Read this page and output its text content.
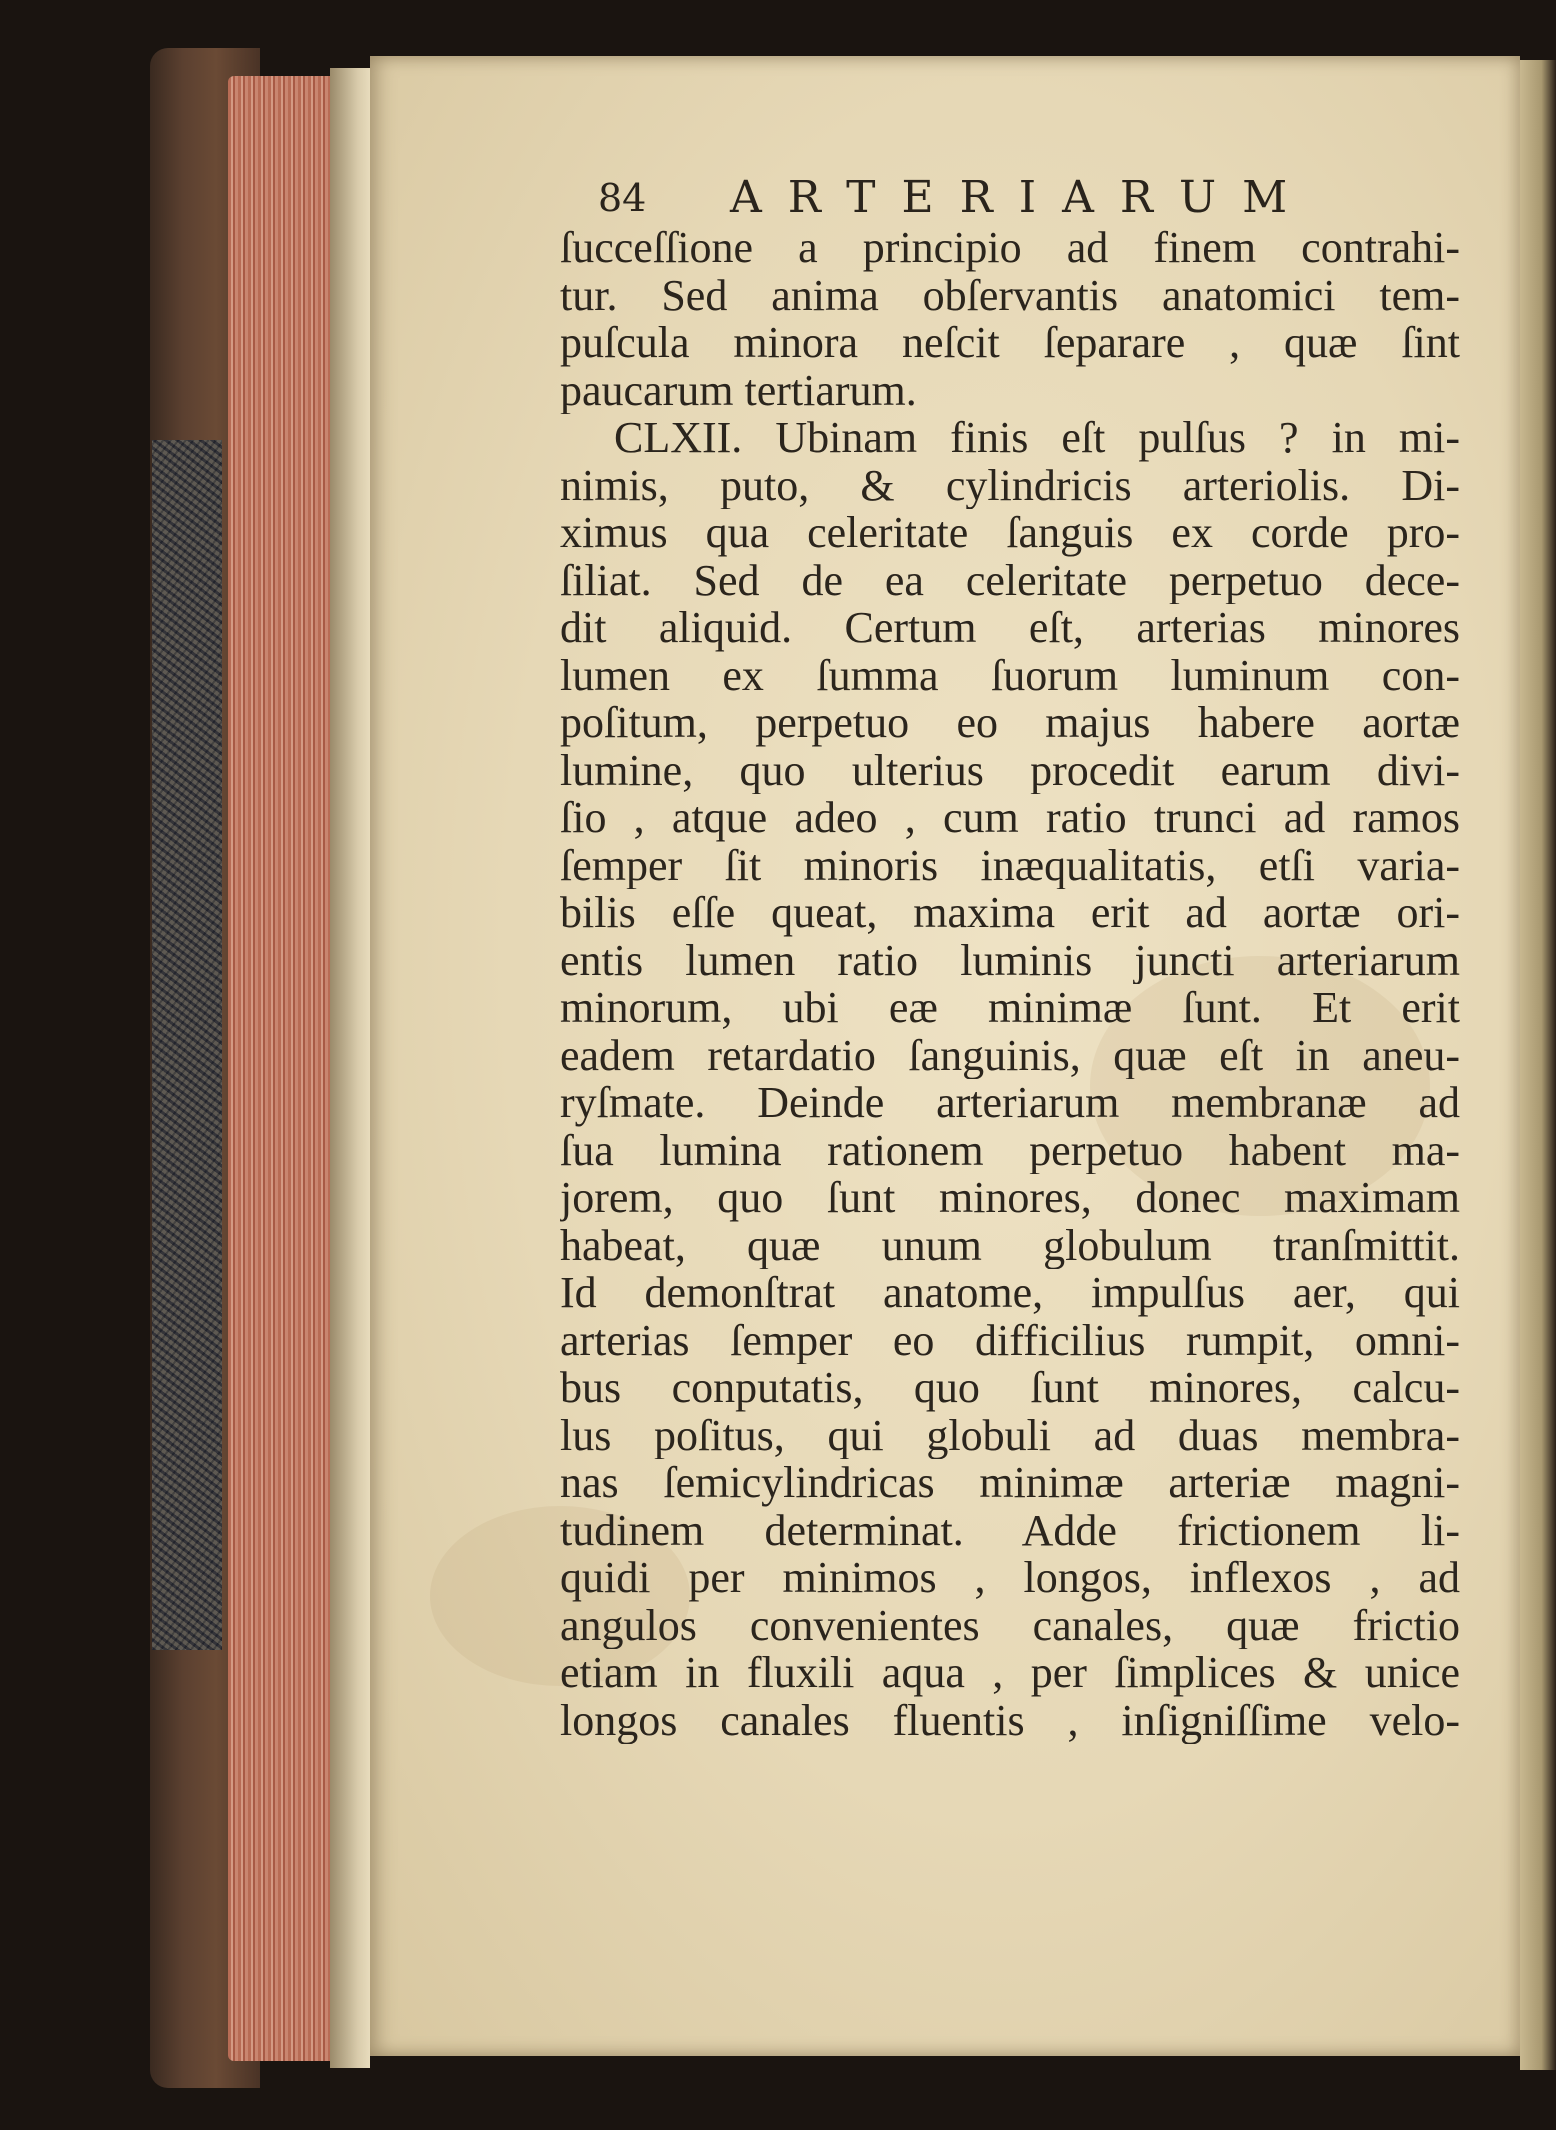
84 ARTERIARUM
ſucceſſione a principio ad finem contrahi-
tur. Sed anima obſervantis anatomici tem-
puſcula minora neſcit ſeparare , quæ ſint
paucarum tertiarum.
CLXII. Ubinam finis eſt pulſus ? in mi-
nimis, puto, & cylindricis arteriolis. Di-
ximus qua celeritate ſanguis ex corde pro-
ſiliat. Sed de ea celeritate perpetuo dece-
dit aliquid. Certum eſt, arterias minores
lumen ex ſumma ſuorum luminum con-
poſitum, perpetuo eo majus habere aortæ
lumine, quo ulterius procedit earum divi-
ſio , atque adeo , cum ratio trunci ad ramos
ſemper ſit minoris inæqualitatis, etſi varia-
bilis eſſe queat, maxima erit ad aortæ ori-
entis lumen ratio luminis juncti arteriarum
minorum, ubi eæ minimæ ſunt. Et erit
eadem retardatio ſanguinis, quæ eſt in aneu-
ryſmate. Deinde arteriarum membranæ ad
ſua lumina rationem perpetuo habent ma-
jorem, quo ſunt minores, donec maximam
habeat, quæ unum globulum tranſmittit.
Id demonſtrat anatome, impulſus aer, qui
arterias ſemper eo difficilius rumpit, omni-
bus conputatis, quo ſunt minores, calcu-
lus poſitus, qui globuli ad duas membra-
nas ſemicylindricas minimæ arteriæ magni-
tudinem determinat. Adde frictionem li-
quidi per minimos , longos, inflexos , ad
angulos convenientes canales, quæ frictio
etiam in fluxili aqua , per ſimplices & unice
longos canales fluentis , inſigniſſime velo-
